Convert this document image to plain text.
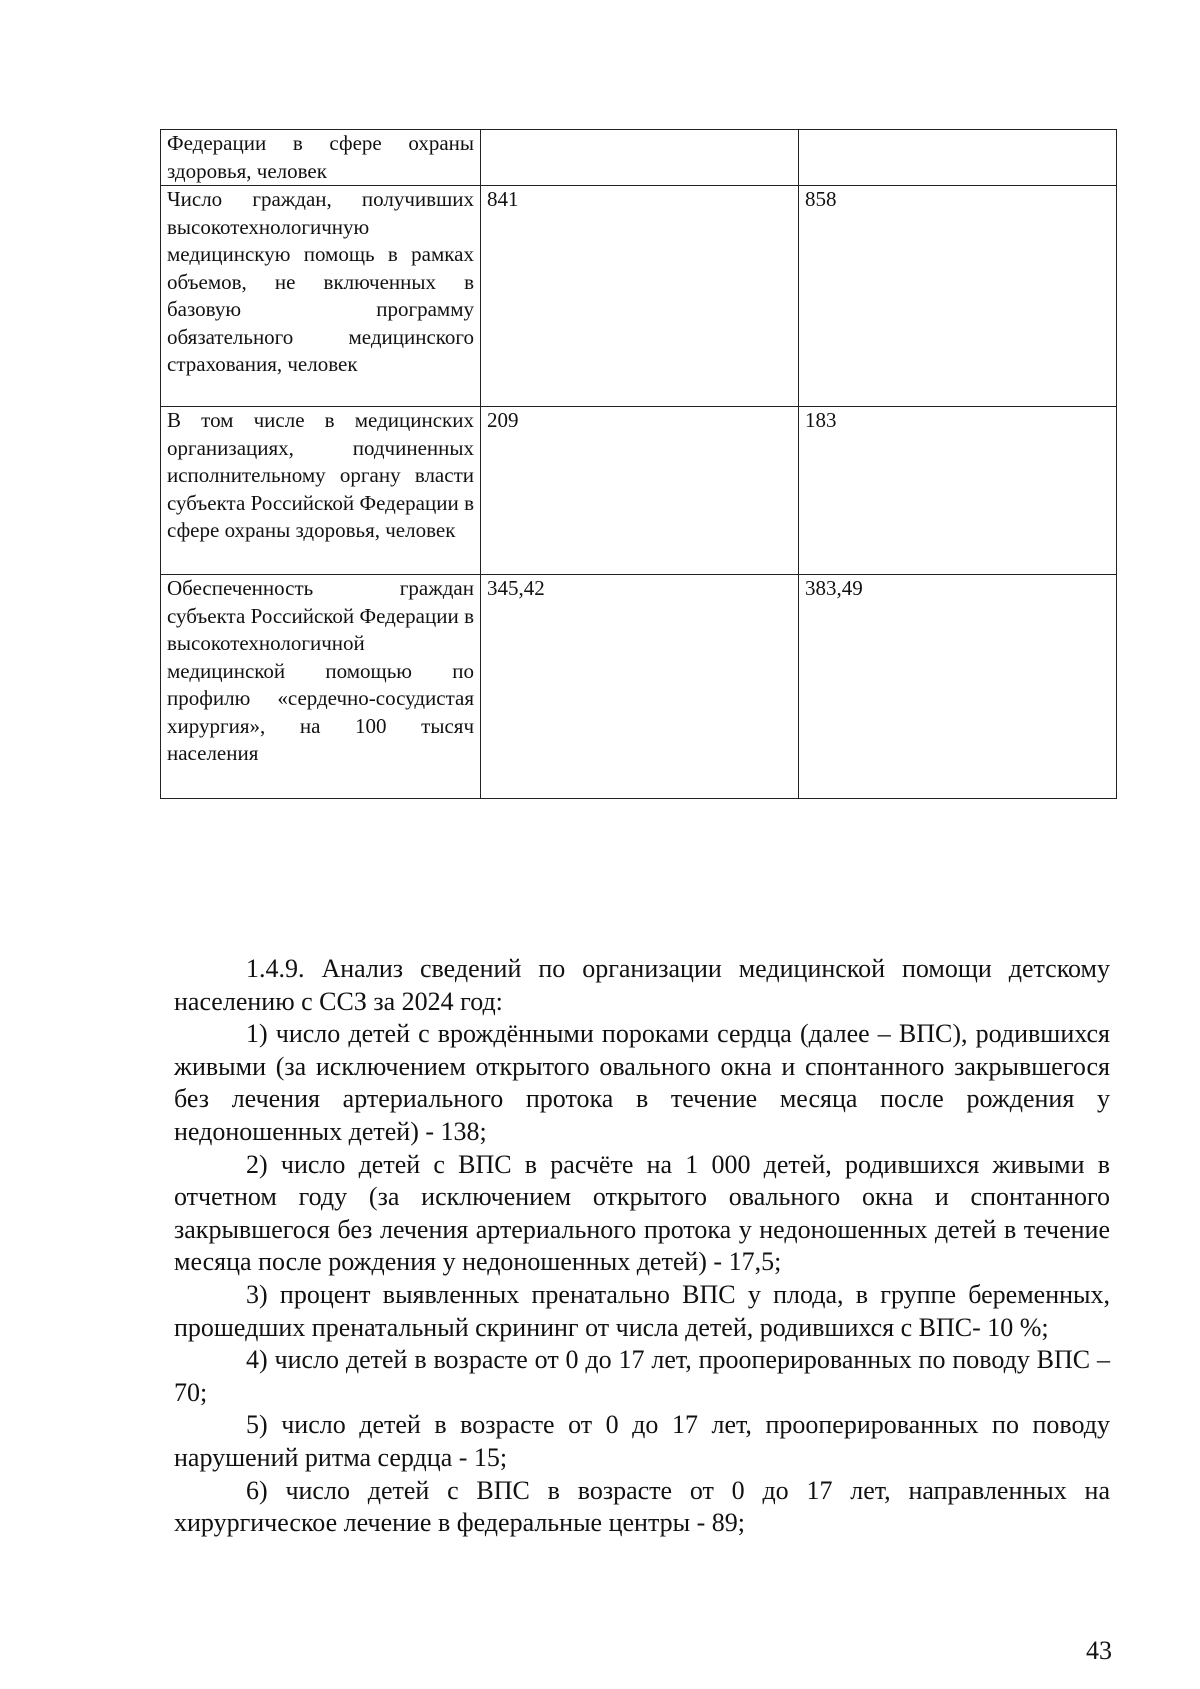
Федерации в сфере охраны здоровья, человек		
Число граждан, получивших высокотехнологичную медицинскую помощь в рамках объемов, не включенных в базовую программу обязательного медицинского страхования, человек	841	858
В том числе в медицинских организациях, подчиненных исполнительному органу власти субъекта Российской Федерации в сфере охраны здоровья, человек	209	183
Обеспеченность граждан субъекта Российской Федерации в высокотехнологичной медицинской помощью по профилю «сердечно-сосудистая хирургия», на 100 тысяч населения	345,42	383,49

1.4.9. Анализ сведений по организации медицинской помощи детскому населению с ССЗ за 2024 год:

1) число детей с врождёнными пороками сердца (далее – ВПС), родившихся живыми (за исключением открытого овального окна и спонтанного закрывшегося без лечения артериального протока в течение месяца после рождения у недоношенных детей) - 138;

2) число детей с ВПС в расчёте на 1 000 детей, родившихся живыми в отчетном году (за исключением открытого овального окна и спонтанного закрывшегося без лечения артериального протока у недоношенных детей в течение месяца после рождения у недоношенных детей) - 17,5;

3) процент выявленных пренатально ВПС у плода, в группе беременных, прошедших пренатальный скрининг от числа детей, родившихся с ВПС- 10 %;

4) число детей в возрасте от 0 до 17 лет, прооперированных по поводу ВПС – 70;

5) число детей в возрасте от 0 до 17 лет, прооперированных по поводу нарушений ритма сердца - 15;

6) число детей с ВПС в возрасте от 0 до 17 лет, направленных на хирургическое лечение в федеральные центры - 89;

43
